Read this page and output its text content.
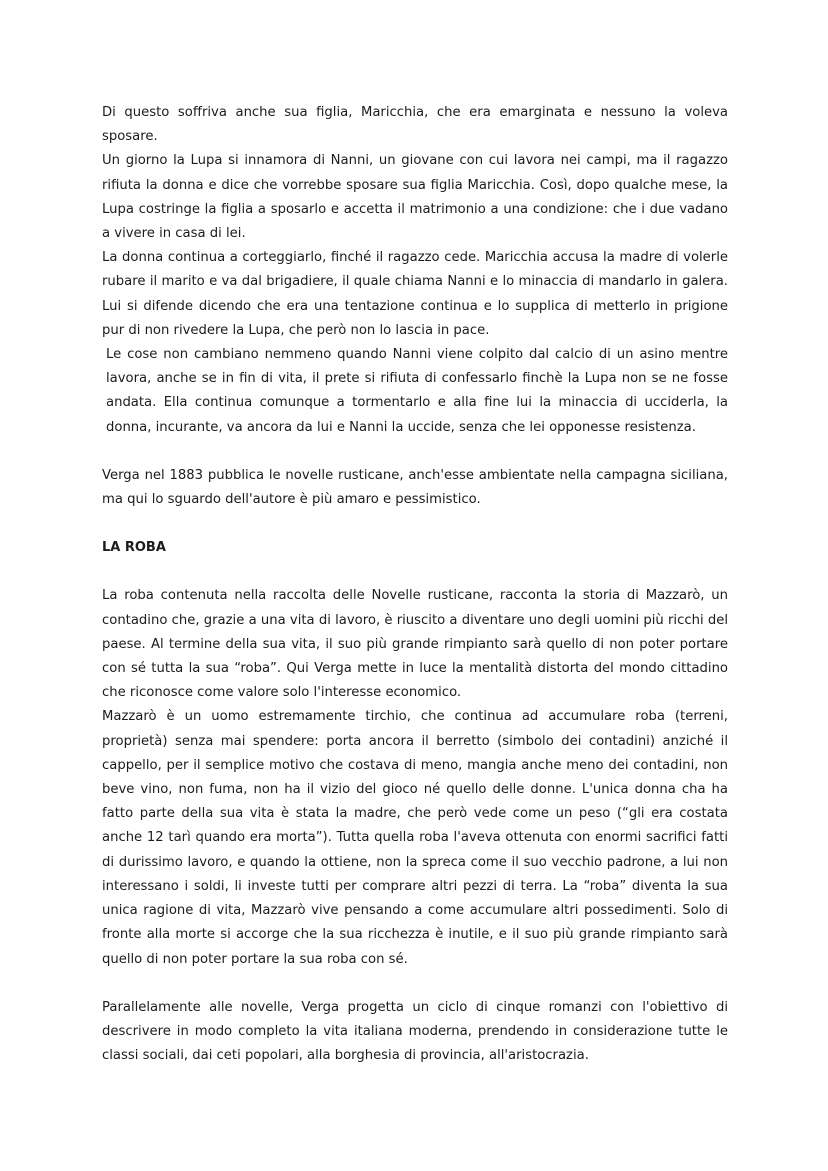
Di questo soffriva anche sua figlia, Maricchia, che era emarginata e nessuno la voleva sposare.

Un giorno la Lupa si innamora di Nanni, un giovane con cui lavora nei campi, ma il ragazzo rifiuta la donna e dice che vorrebbe sposare sua figlia Maricchia. Così, dopo qualche mese, la Lupa costringe la figlia a sposarlo e accetta il matrimonio a una condizione: che i due vadano a vivere in casa di lei.

La donna continua a corteggiarlo, finché il ragazzo cede. Maricchia accusa la madre di volerle rubare il marito e va dal brigadiere, il quale chiama Nanni e lo minaccia di mandarlo in galera. Lui si difende dicendo che era una tentazione continua e lo supplica di metterlo in prigione pur di non rivedere la Lupa, che però non lo lascia in pace.

Le cose non cambiano nemmeno quando Nanni viene colpito dal calcio di un asino mentre lavora, anche se in fin di vita, il prete si rifiuta di confessarlo finchè la Lupa non se ne fosse andata. Ella continua comunque a tormentarlo e alla fine lui la minaccia di ucciderla, la donna, incurante, va ancora da lui e Nanni la uccide, senza che lei opponesse resistenza.

Verga nel 1883 pubblica le novelle rusticane, anch'esse ambientate nella campagna siciliana, ma qui lo sguardo dell'autore è più amaro e pessimistico.

LA ROBA

La roba contenuta nella raccolta delle Novelle rusticane, racconta la storia di Mazzarò, un contadino che, grazie a una vita di lavoro, è riuscito a diventare uno degli uomini più ricchi del paese. Al termine della sua vita, il suo più grande rimpianto sarà quello di non poter portare con sé tutta la sua “roba”. Qui Verga mette in luce la mentalità distorta del mondo cittadino che riconosce come valore solo l'interesse economico.

Mazzarò è un uomo estremamente tirchio, che continua ad accumulare roba (terreni, proprietà) senza mai spendere: porta ancora il berretto (simbolo dei contadini) anziché il cappello, per il semplice motivo che costava di meno, mangia anche meno dei contadini, non beve vino, non fuma, non ha il vizio del gioco né quello delle donne. L'unica donna cha ha fatto parte della sua vita è stata la madre, che però vede come un peso (“gli era costata anche 12 tarì quando era morta”). Tutta quella roba l'aveva ottenuta con enormi sacrifici fatti di durissimo lavoro, e quando la ottiene, non la spreca come il suo vecchio padrone, a lui non interessano i soldi, li investe tutti per comprare altri pezzi di terra. La “roba” diventa la sua unica ragione di vita, Mazzarò vive pensando a come accumulare altri possedimenti. Solo di fronte alla morte si accorge che la sua ricchezza è inutile, e il suo più grande rimpianto sarà quello di non poter portare la sua roba con sé.

Parallelamente alle novelle, Verga progetta un ciclo di cinque romanzi con l'obiettivo di descrivere in modo completo la vita italiana moderna, prendendo in considerazione tutte le classi sociali, dai ceti popolari, alla borghesia di provincia, all'aristocrazia.
